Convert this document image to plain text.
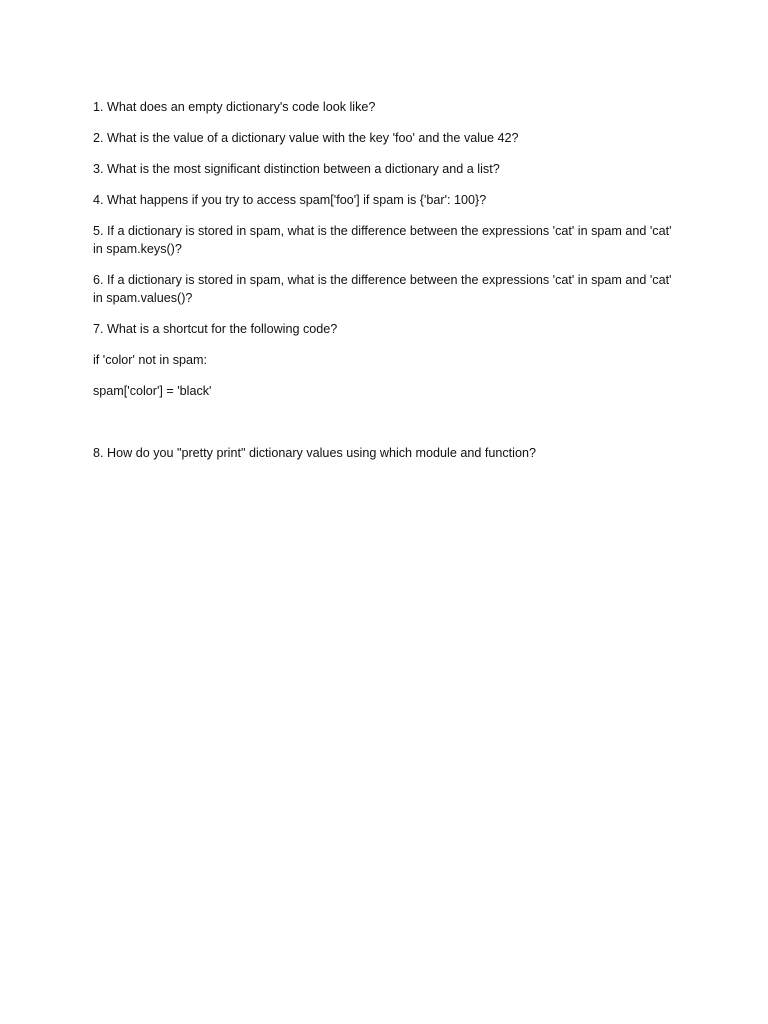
1. What does an empty dictionary's code look like?

2. What is the value of a dictionary value with the key 'foo' and the value 42?

3. What is the most significant distinction between a dictionary and a list?

4. What happens if you try to access spam['foo'] if spam is {'bar': 100}?

5. If a dictionary is stored in spam, what is the difference between the expressions 'cat' in spam and 'cat' in spam.keys()?

6. If a dictionary is stored in spam, what is the difference between the expressions 'cat' in spam and 'cat' in spam.values()?

7. What is a shortcut for the following code?

if 'color' not in spam:

spam['color'] = 'black'

8. How do you "pretty print" dictionary values using which module and function?
